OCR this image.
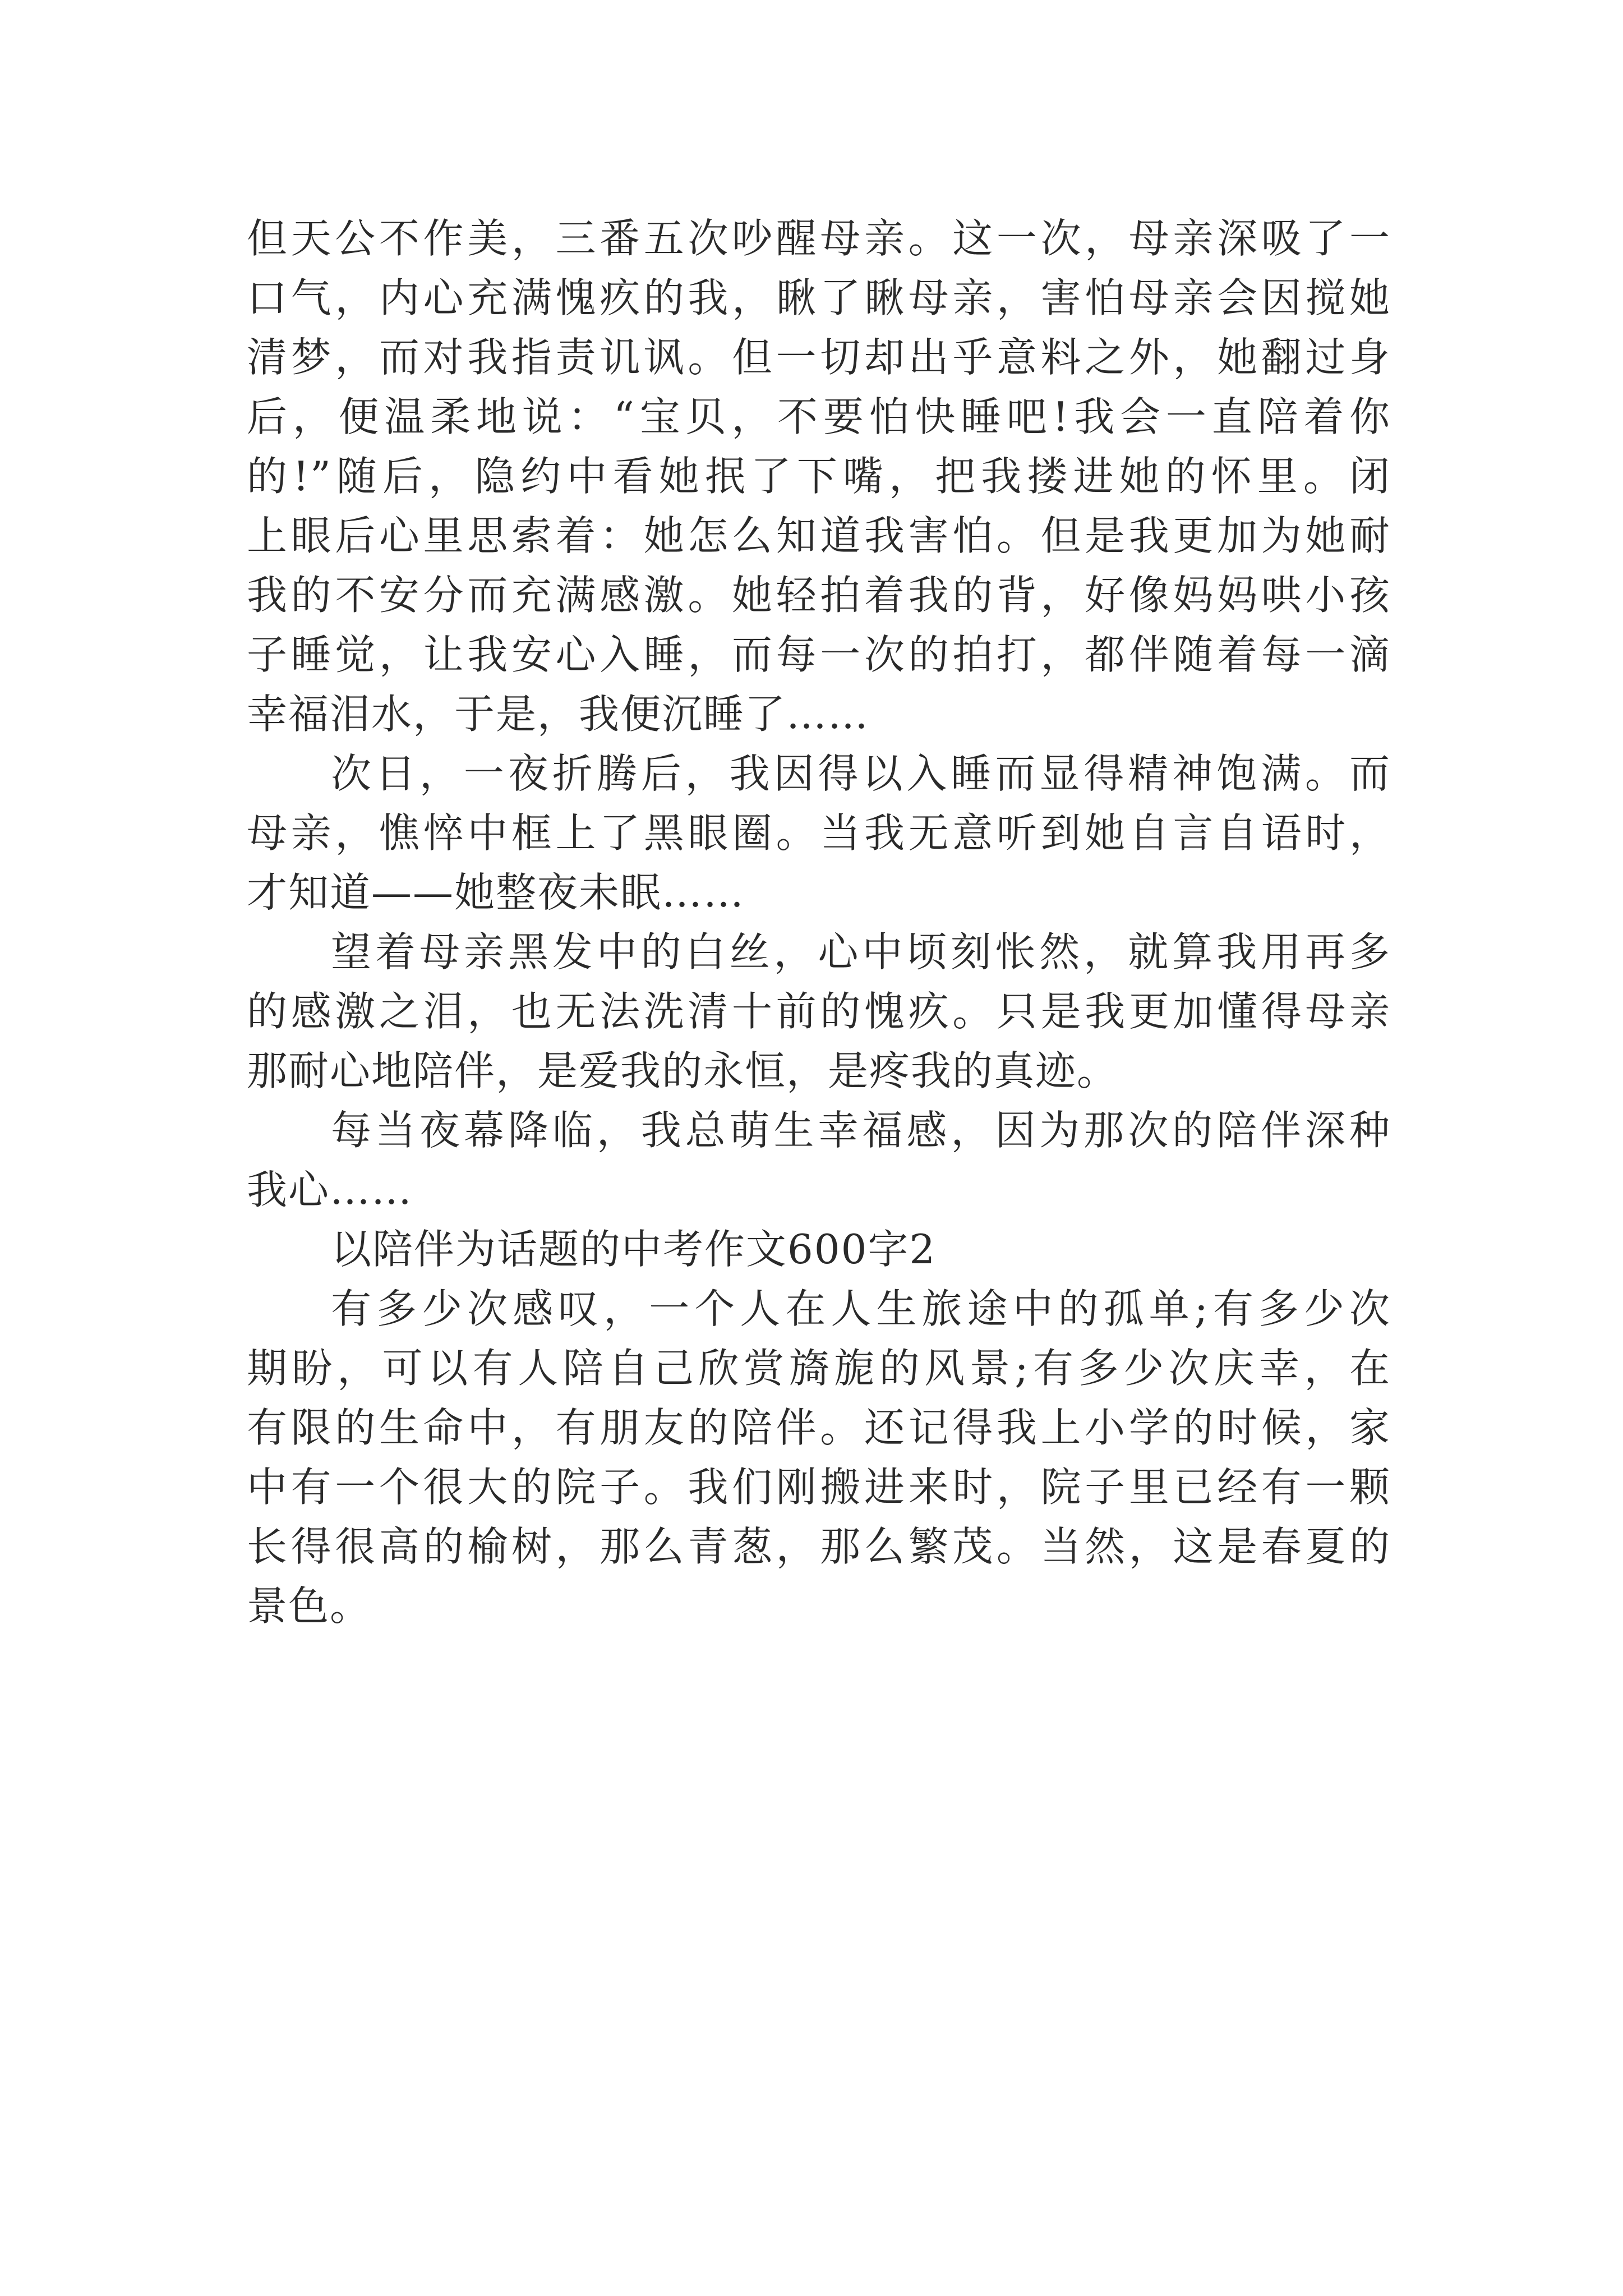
但天公不作美，三番五次吵醒母亲。这一次，母亲深吸了一
口气，内心充满愧疚的我，瞅了瞅母亲，害怕母亲会因搅她
清梦，而对我指责讥讽。但一切却出乎意料之外，她翻过身
后，便温柔地说：“宝贝，不要怕快睡吧!我会一直陪着你
的!”随后，隐约中看她抿了下嘴，把我搂进她的怀里。闭
上眼后心里思索着：她怎么知道我害怕。但是我更加为她耐
我的不安分而充满感激。她轻拍着我的背，好像妈妈哄小孩
子睡觉，让我安心入睡，而每一次的拍打，都伴随着每一滴
幸福泪水，于是，我便沉睡了……
次日，一夜折腾后，我因得以入睡而显得精神饱满。而
母亲，憔悴中框上了黑眼圈。当我无意听到她自言自语时，
才知道——她整夜未眠……
望着母亲黑发中的白丝，心中顷刻怅然，就算我用再多
的感激之泪，也无法洗清十前的愧疚。只是我更加懂得母亲
那耐心地陪伴，是爱我的永恒，是疼我的真迹。
每当夜幕降临，我总萌生幸福感，因为那次的陪伴深种
我心……
以陪伴为话题的中考作文600字2
有多少次感叹，一个人在人生旅途中的孤单;有多少次
期盼，可以有人陪自己欣赏旖旎的风景;有多少次庆幸，在
有限的生命中，有朋友的陪伴。还记得我上小学的时候，家
中有一个很大的院子。我们刚搬进来时，院子里已经有一颗
长得很高的榆树，那么青葱，那么繁茂。当然，这是春夏的
景色。
